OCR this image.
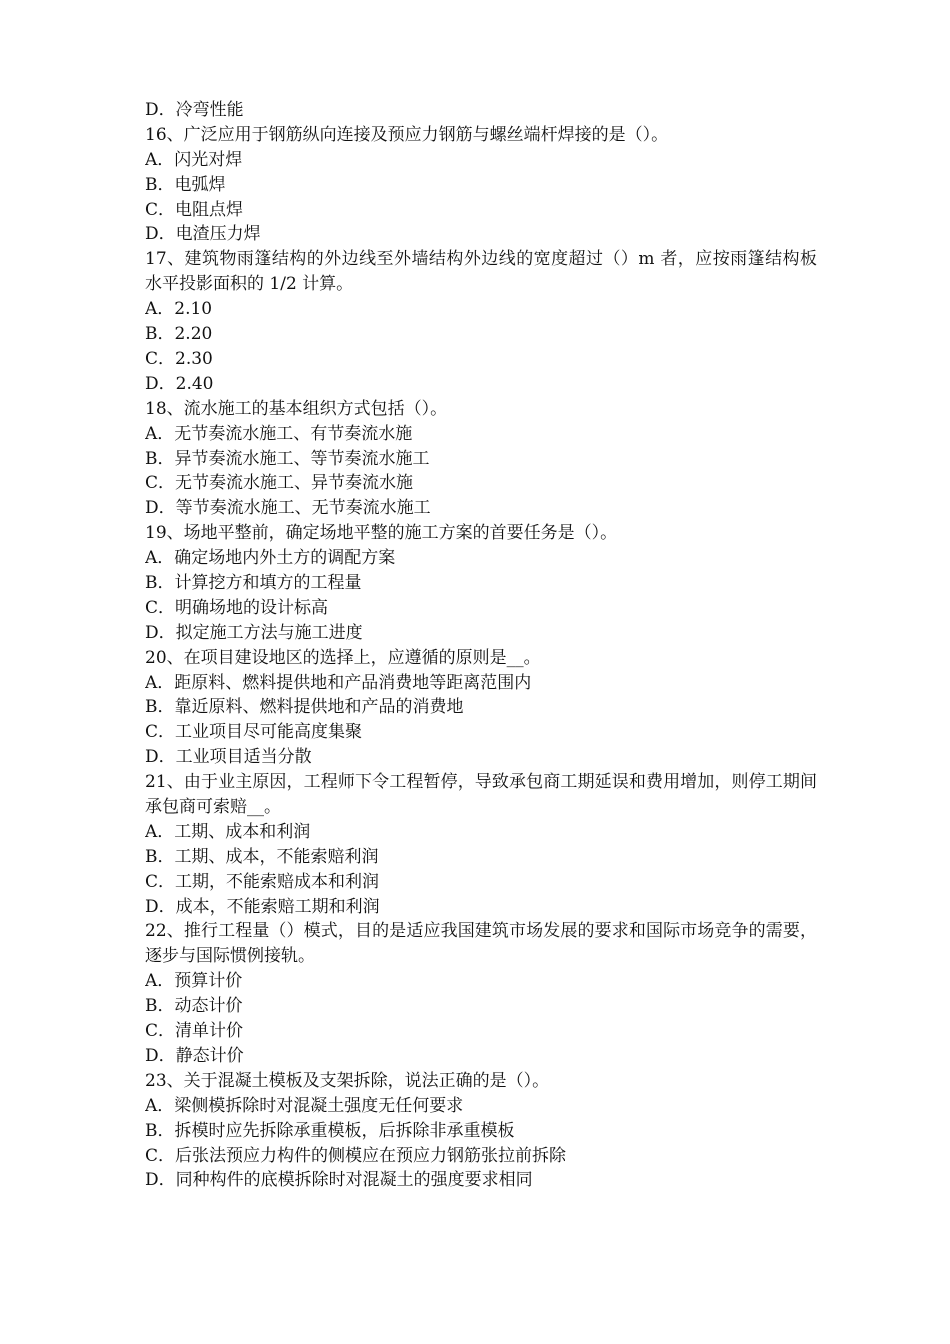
D．冷弯性能
16、广泛应用于钢筋纵向连接及预应力钢筋与螺丝端杆焊接的是（）。
A．闪光对焊
B．电弧焊
C．电阻点焊
D．电渣压力焊
17、建筑物雨篷结构的外边线至外墙结构外边线的宽度超过（）m 者，应按雨篷结构板水平投影面积的 1/2 计算。
A．2.10
B．2.20
C．2.30
D．2.40
18、流水施工的基本组织方式包括（）。
A．无节奏流水施工、有节奏流水施
B．异节奏流水施工、等节奏流水施工
C．无节奏流水施工、异节奏流水施
D．等节奏流水施工、无节奏流水施工
19、场地平整前，确定场地平整的施工方案的首要任务是（）。
A．确定场地内外土方的调配方案
B．计算挖方和填方的工程量
C．明确场地的设计标高
D．拟定施工方法与施工进度
20、在项目建设地区的选择上，应遵循的原则是__。
A．距原料、燃料提供地和产品消费地等距离范围内
B．靠近原料、燃料提供地和产品的消费地
C．工业项目尽可能高度集聚
D．工业项目适当分散
21、由于业主原因，工程师下令工程暂停，导致承包商工期延误和费用增加，则停工期间承包商可索赔__。
A．工期、成本和利润
B．工期、成本，不能索赔利润
C．工期，不能索赔成本和利润
D．成本，不能索赔工期和利润
22、推行工程量（）模式，目的是适应我国建筑市场发展的要求和国际市场竞争的需要，逐步与国际惯例接轨。
A．预算计价
B．动态计价
C．清单计价
D．静态计价
23、关于混凝土模板及支架拆除，说法正确的是（）。
A．梁侧模拆除时对混凝土强度无任何要求
B．拆模时应先拆除承重模板，后拆除非承重模板
C．后张法预应力构件的侧模应在预应力钢筋张拉前拆除
D．同种构件的底模拆除时对混凝土的强度要求相同
